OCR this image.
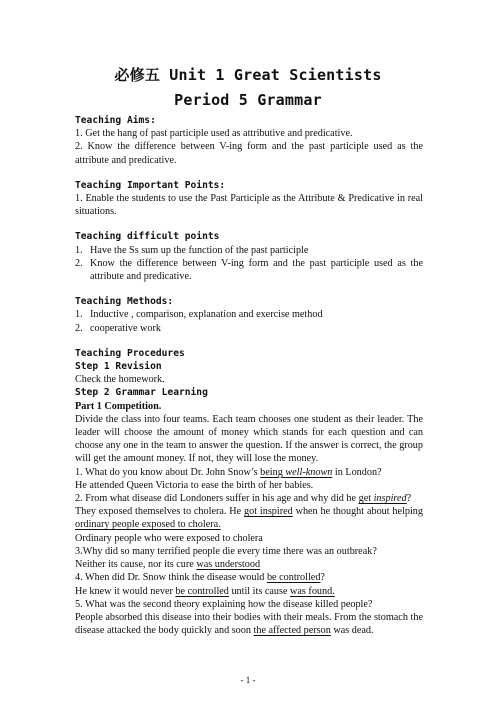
必修五 Unit 1 Great Scientists
Period 5 Grammar
Teaching Aims:
1. Get the hang of past participle used as attributive and predicative.
2. Know the difference between V-ing form and the past participle used as the attribute and predicative.
Teaching Important Points:
1. Enable the students to use the Past Participle as the Attribute & Predicative in real situations.
Teaching difficult points
1. Have the Ss sum up the function of the past participle
2. Know the difference between V-ing form and the past participle used as the attribute and predicative.
Teaching Methods:
1. Inductive , comparison, explanation and exercise method
2. cooperative work
Teaching Procedures
Step 1 Revision
Check the homework.
Step 2 Grammar Learning
Part 1 Competition.
Divide the class into four teams. Each team chooses one student as their leader. The leader will choose the amount of money which stands for each question and can choose any one in the team to answer the question. If the answer is correct, the group will get the amount money. If not, they will lose the money.
1. What do you know about Dr. John Snow’s being well-known in London?
He attended Queen Victoria to ease the birth of her babies.
2. From what disease did Londoners suffer in his age and why did he get inspired?
They exposed themselves to cholera. He got inspired when he thought about helping ordinary people exposed to cholera.
Ordinary people who were exposed to cholera
3.Why did so many terrified people die every time there was an outbreak?
Neither its cause, nor its cure was understood
4. When did Dr. Snow think the disease would be controlled?
He knew it would never be controlled until its cause was found.
5. What was the second theory explaining how the disease killed people?
People absorbed this disease into their bodies with their meals. From the stomach the disease attacked the body quickly and soon the affected person was dead.
- 1 -
